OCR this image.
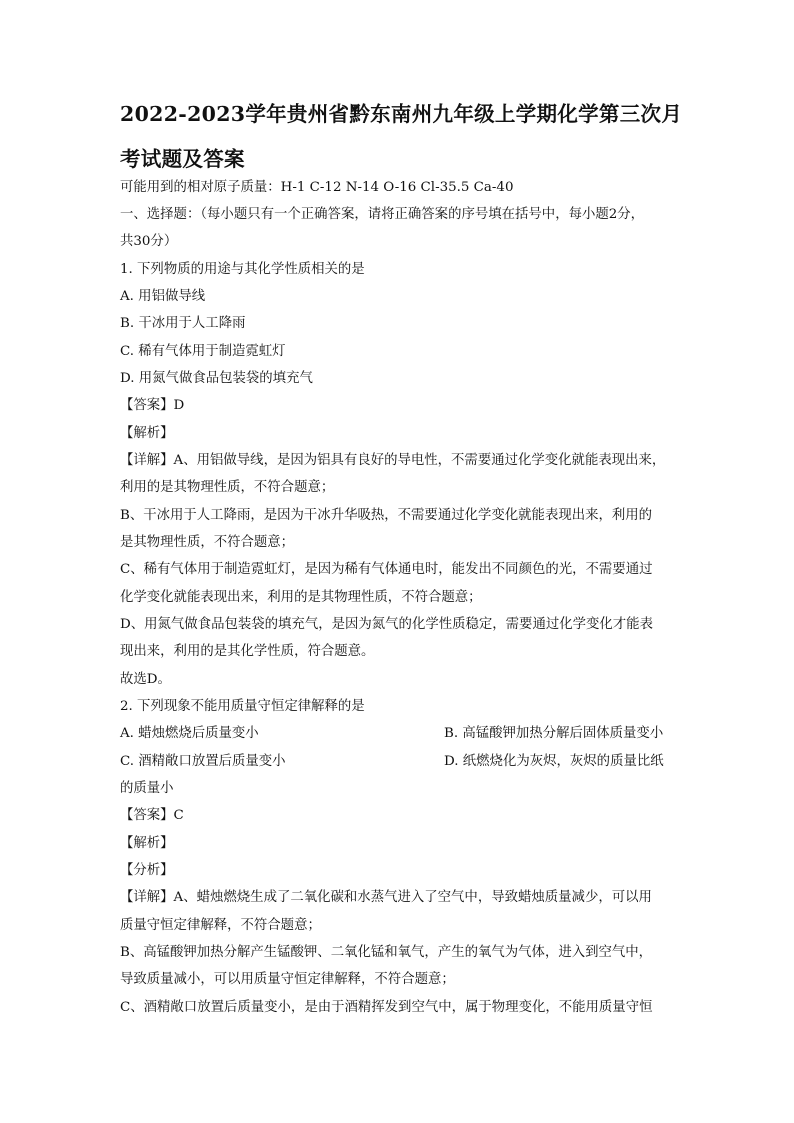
2022-2023学年贵州省黔东南州九年级上学期化学第三次月
考试题及答案
可能用到的相对原子质量：H-1 C-12 N-14 O-16 Cl-35.5 Ca-40
一、选择题：（每小题只有一个正确答案，请将正确答案的序号填在括号中，每小题2分，
共30分）
1. 下列物质的用途与其化学性质相关的是
A. 用铝做导线
B. 干冰用于人工降雨
C. 稀有气体用于制造霓虹灯
D. 用氮气做食品包装袋的填充气
【答案】D
【解析】
【详解】A、用铝做导线，是因为铝具有良好的导电性，不需要通过化学变化就能表现出来，
利用的是其物理性质，不符合题意；
B、干冰用于人工降雨，是因为干冰升华吸热，不需要通过化学变化就能表现出来，利用的
是其物理性质，不符合题意；
C、稀有气体用于制造霓虹灯，是因为稀有气体通电时，能发出不同颜色的光，不需要通过
化学变化就能表现出来，利用的是其物理性质，不符合题意；
D、用氮气做食品包装袋的填充气，是因为氮气的化学性质稳定，需要通过化学变化才能表
现出来，利用的是其化学性质，符合题意。
故选D。
2. 下列现象不能用质量守恒定律解释的是
A. 蜡烛燃烧后质量变小	B. 高锰酸钾加热分解后固体质量变小
C. 酒精敞口放置后质量变小	D. 纸燃烧化为灰烬，灰烬的质量比纸
的质量小
【答案】C
【解析】
【分析】
【详解】A、蜡烛燃烧生成了二氧化碳和水蒸气进入了空气中，导致蜡烛质量减少，可以用
质量守恒定律解释，不符合题意；
B、高锰酸钾加热分解产生锰酸钾、二氧化锰和氧气，产生的氧气为气体，进入到空气中，
导致质量减小，可以用质量守恒定律解释，不符合题意；
C、酒精敞口放置后质量变小，是由于酒精挥发到空气中，属于物理变化，不能用质量守恒
